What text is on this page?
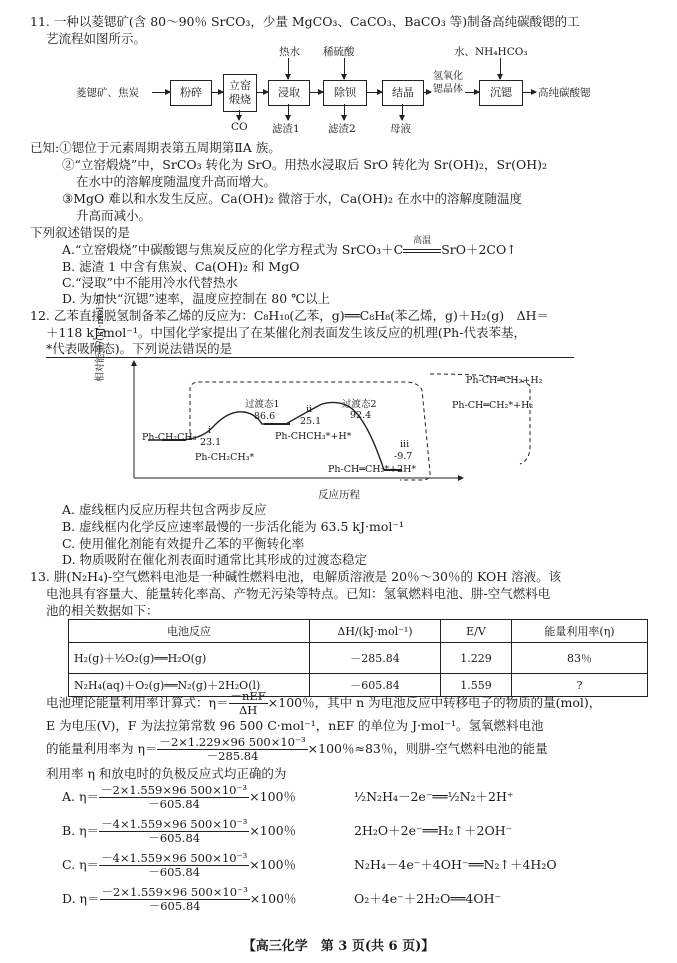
11. 一种以菱锶矿(含 80～90％ SrCO₃，少量 MgCO₃、CaCO₃、BaCO₃ 等)制备高纯碳酸锶的工
艺流程如图所示。
菱锶矿、焦炭	粉碎
立窑煅烧
浸取	除钡	结晶
氢氧化锶晶体	沉锶	高纯碳酸锶
热水 稀硫酸	水、NH₄HCO₃
CO 滤渣1	滤渣2	母液
已知:①锶位于元素周期表第五周期第ⅡA 族。
②“立窑煅烧”中，SrCO₃ 转化为 SrO。用热水浸取后 SrO 转化为 Sr(OH)₂，Sr(OH)₂
在水中的溶解度随温度升高而增大。
③MgO 难以和水发生反应。Ca(OH)₂ 微溶于水，Ca(OH)₂ 在水中的溶解度随温度
升高而减小。
下列叙述错误的是
A.“立窑煅烧”中碳酸锶与焦炭反应的化学方程式为 SrCO₃＋C
高温
SrO＋2CO↑
B. 滤渣 1 中含有焦炭、Ca(OH)₂ 和 MgO
C.“浸取”中不能用冷水代替热水
D. 为加快“沉锶”速率，温度应控制在 80 ℃以上
12. 乙苯直接脱氢制备苯乙烯的反应为：C₈H₁₀(乙苯，g)══C₈H₈(苯乙烯，g)＋H₂(g)　ΔH＝
＋118 kJ·mol⁻¹。中国化学家提出了在某催化剂表面发生该反应的机理(Ph-代表苯基，
*代表吸附态)。下列说法错误的是
相对能量/(kJ·mol⁻¹)
反应历程
Ph-CH₂CH₃
i
23.1
Ph-CH₂CH₃*
过渡态1
86.6
ii
25.1
Ph-CHCH₃*+H*
过渡态2
92.4
iii
-9.7
Ph-CH═CH₂*+2H*
Ph-CH═CH₂+H₂
Ph-CH═CH₂*+H₂
A. 虚线框内反应历程共包含两步反应
B. 虚线框内化学反应速率最慢的一步活化能为 63.5 kJ·mol⁻¹
C. 使用催化剂能有效提升乙苯的平衡转化率
D. 物质吸附在催化剂表面时通常比其形成的过渡态稳定
13. 肼(N₂H₄)-空气燃料电池是一种碱性燃料电池，电解质溶液是 20％～30％的 KOH 溶液。该
电池具有容量大、能量转化率高、产物无污染等特点。已知：氢氧燃料电池、肼-空气燃料电
池的相关数据如下：
电池反应	ΔH/(kJ·mol⁻¹)	E/V	能量利用率(η)
H₂(g)＋½O₂(g)══H₂O(g)	－285.84	1.229	83％
N₂H₄(aq)＋O₂(g)══N₂(g)＋2H₂O(l)	－605.84	1.559	?
电池理论能量利用率计算式：$\eta= \frac{\text{－nEF}}{\Delta H} \times 100$％，其中 n 为电池反应中转移电子的物质的量(mol)，
E 为电压(V)，F 为法拉第常数 96 500 C·mol⁻¹，nEF 的单位为 J·mol⁻¹。氢氧燃料电池
的能量利用率为 $\eta= \frac{\text{－2×1.229×96 500×10⁻³}}{-285.84} \times 100$％≈83％，则肼-空气燃料电池的能量
利用率 η 和放电时的负极反应式均正确的为
A. $\eta= \frac{\text{－2×1.559×96 500×10⁻³}}{-605.84} \times 100$％	½N₂H₄－2e⁻══½N₂＋2H⁺
B. $\eta= \frac{\text{－4×1.559×96 500×10⁻³}}{-605.84} \times 100$％	2H₂O＋2e⁻══H₂↑＋2OH⁻
C. $\eta= \frac{\text{－4×1.559×96 500×10⁻³}}{-605.84} \times 100$％	N₂H₄－4e⁻＋4OH⁻══N₂↑＋4H₂O
D. $\eta= \frac{\text{－2×1.559×96 500×10⁻³}}{-605.84} \times 100$％	O₂＋4e⁻＋2H₂O══4OH⁻
【高三化学　第 3 页(共 6 页)】
